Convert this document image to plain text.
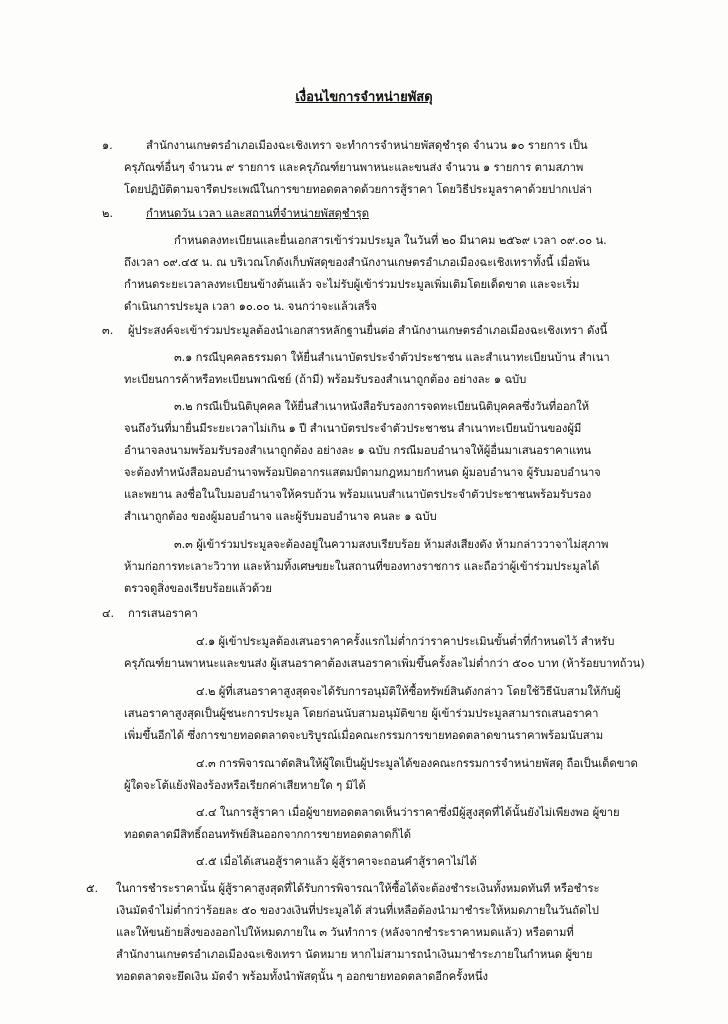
เงื่อนไขการจำหน่ายพัสดุ
๑.	สำนักงานเกษตรอำเภอเมืองฉะเชิงเทรา จะทำการจำหน่ายพัสดุชำรุด จำนวน ๑๐ รายการ เป็น
ครุภัณฑ์อื่นๆ จำนวน ๙ รายการ และครุภัณฑ์ยานพาหนะและขนส่ง จำนวน ๑ รายการ ตามสภาพ
โดยปฏิบัติตามจารีตประเพณีในการขายทอดตลาดด้วยการสู้ราคา โดยวิธีประมูลราคาด้วยปากเปล่า
๒.	กำหนดวัน เวลา และสถานที่จำหน่ายพัสดุชำรุด
กำหนดลงทะเบียนและยื่นเอกสารเข้าร่วมประมูล ในวันที่ ๒๐ มีนาคม ๒๕๖๙ เวลา ๐๙.๐๐ น.
ถึงเวลา ๐๙.๔๕ น. ณ บริเวณโกดังเก็บพัสดุของสำนักงานเกษตรอำเภอเมืองฉะเชิงเทราทั้งนี้ เมื่อพ้น
กำหนดระยะเวลาลงทะเบียนข้างต้นแล้ว จะไม่รับผู้เข้าร่วมประมูลเพิ่มเติมโดยเด็ดขาด และจะเริ่ม
ดำเนินการประมูล เวลา ๑๐.๐๐ น. จนกว่าจะแล้วเสร็จ
๓. ผู้ประสงค์จะเข้าร่วมประมูลต้องนำเอกสารหลักฐานยื่นต่อ สำนักงานเกษตรอำเภอเมืองฉะเชิงเทรา ดังนี้
๓.๑ กรณีบุคคลธรรมดา ให้ยื่นสำเนาบัตรประจำตัวประชาชน และสำเนาทะเบียนบ้าน สำเนา
ทะเบียนการค้าหรือทะเบียนพาณิชย์ (ถ้ามี) พร้อมรับรองสำเนาถูกต้อง อย่างละ ๑ ฉบับ
๓.๒ กรณีเป็นนิติบุคคล ให้ยื่นสำเนาหนังสือรับรองการจดทะเบียนนิติบุคคลซึ่งวันที่ออกให้
จนถึงวันที่มายื่นมีระยะเวลาไม่เกิน ๑ ปี สำเนาบัตรประจำตัวประชาชน สำเนาทะเบียนบ้านของผู้มี
อำนาจลงนามพร้อมรับรองสำเนาถูกต้อง อย่างละ ๑ ฉบับ กรณีมอบอำนาจให้ผู้อื่นมาเสนอราคาแทน
จะต้องทำหนังสือมอบอำนาจพร้อมปิดอากรแสตมป์ตามกฎหมายกำหนด ผู้มอบอำนาจ ผู้รับมอบอำนาจ
และพยาน ลงชื่อในใบมอบอำนาจให้ครบถ้วน พร้อมแนบสำเนาบัตรประจำตัวประชาชนพร้อมรับรอง
สำเนาถูกต้อง ของผู้มอบอำนาจ และผู้รับมอบอำนาจ คนละ ๑ ฉบับ
๓.๓ ผู้เข้าร่วมประมูลจะต้องอยู่ในความสงบเรียบร้อย ห้ามส่งเสียงดัง ห้ามกล่าววาจาไม่สุภาพ
ห้ามก่อการทะเลาะวิวาท และห้ามทิ้งเศษขยะในสถานที่ของทางราชการ และถือว่าผู้เข้าร่วมประมูลได้
ตรวจดูสิ่งของเรียบร้อยแล้วด้วย
๔. การเสนอราคา
๔.๑ ผู้เข้าประมูลต้องเสนอราคาครั้งแรกไม่ต่ำกว่าราคาประเมินขั้นต่ำที่กำหนดไว้ สำหรับ
ครุภัณฑ์ยานพาหนะและขนส่ง ผู้เสนอราคาต้องเสนอราคาเพิ่มขึ้นครั้งละไม่ต่ำกว่า ๕๐๐ บาท (ห้าร้อยบาทถ้วน)
๔.๒ ผู้ที่เสนอราคาสูงสุดจะได้รับการอนุมัติให้ซื้อทรัพย์สินดังกล่าว โดยใช้วิธีนับสามให้กับผู้
เสนอราคาสูงสุดเป็นผู้ชนะการประมูล โดยก่อนนับสามอนุมัติขาย ผู้เข้าร่วมประมูลสามารถเสนอราคา
เพิ่มขึ้นอีกได้ ซึ่งการขายทอดตลาดจะบริบูรณ์เมื่อคณะกรรมการขายทอดตลาดขานราคาพร้อมนับสาม
๔.๓ การพิจารณาตัดสินให้ผู้ใดเป็นผู้ประมูลได้ของคณะกรรมการจำหน่ายพัสดุ ถือเป็นเด็ดขาด
ผู้ใดจะโต้แย้งฟ้องร้องหรือเรียกค่าเสียหายใด ๆ มิได้
๔.๔ ในการสู้ราคา เมื่อผู้ขายทอดตลาดเห็นว่าราคาซึ่งมีผู้สูงสุดที่ได้นั้นยังไม่เพียงพอ ผู้ขาย
ทอดตลาดมีสิทธิ์ถอนทรัพย์สินออกจากการขายทอดตลาดก็ได้
๔.๕ เมื่อได้เสนอสู้ราคาแล้ว ผู้สู้ราคาจะถอนคำสู้ราคาไม่ได้
๕. ในการชำระราคานั้น ผู้สู้ราคาสูงสุดที่ได้รับการพิจารณาให้ซื้อได้จะต้องชำระเงินทั้งหมดทันที หรือชำระ
เงินมัดจำไม่ต่ำกว่าร้อยละ ๕๐ ของวงเงินที่ประมูลได้ ส่วนที่เหลือต้องนำมาชำระให้หมดภายในวันถัดไป
และให้ขนย้ายสิ่งของออกไปให้หมดภายใน ๓ วันทำการ (หลังจากชำระราคาหมดแล้ว) หรือตามที่
สำนักงานเกษตรอำเภอเมืองฉะเชิงเทรา นัดหมาย หากไม่สามารถนำเงินมาชำระภายในกำหนด ผู้ขาย
ทอดตลาดจะยึดเงิน มัดจำ พร้อมทั้งนำพัสดุนั้น ๆ ออกขายทอดตลาดอีกครั้งหนึ่ง
